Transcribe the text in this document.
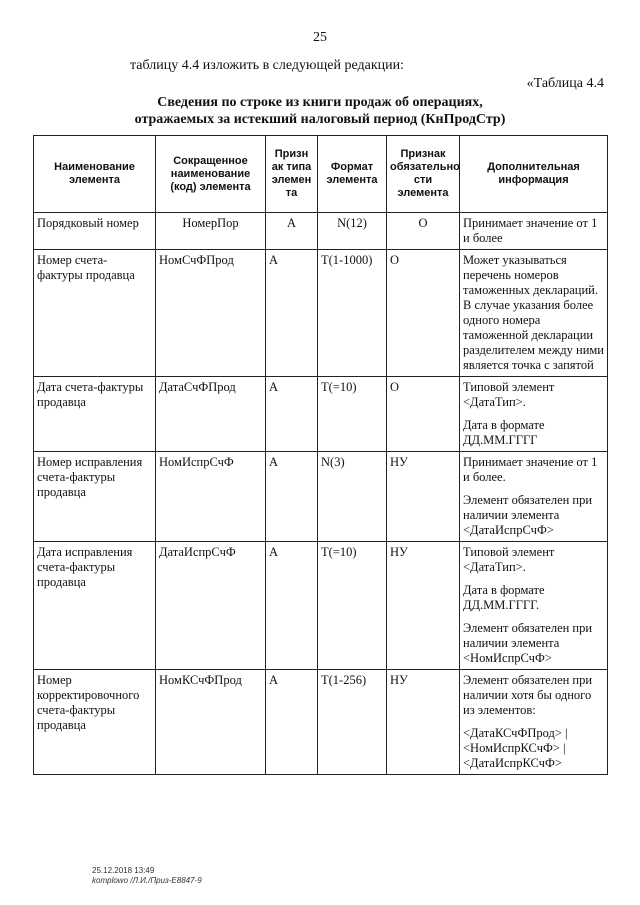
25
таблицу 4.4 изложить в следующей редакции:
«Таблица 4.4
Сведения по строке из книги продаж об операциях,
отражаемых за истекший налоговый период (КнПродСтр)
Наименование элемента	Сокращенное наименование (код) элемента	Призн ак типа элемен та	Формат элемента	Признак обязательно сти элемента	Дополнительная информация
Порядковый номер	НомерПор	А	N(12)	О	Принимает значение от 1 и более

Номер счета-фактуры продавца	НомСчФПрод	А	T(1-1000)	О	Может указываться перечень номеров таможенных деклараций. В случае указания более одного номера таможенной декларации разделителем между ними является точка с запятой

Дата счета-фактуры продавца	ДатаСчФПрод	А	T(=10)	О	Типовой элемент <ДатаТип>.
Дата в формате ДД.ММ.ГГГГ

Номер исправления счета-фактуры продавца	НомИспрСчФ	А	N(3)	НУ	Принимает значение от 1 и более.
Элемент обязателен при наличии элемента <ДатаИспрСчФ>

Дата исправления счета-фактуры продавца	ДатаИспрСчФ	А	T(=10)	НУ	Типовой элемент <ДатаТип>.
Дата в формате ДД.ММ.ГГГГ.
Элемент обязателен при наличии элемента <НомИспрСчФ>

Номер корректировочного счета-фактуры продавца	НомКСчФПрод	А	T(1-256)	НУ	Элемент обязателен при наличии хотя бы одного из элементов:
<ДатаКСчФПрод> | <НомИспрКСчФ> | <ДатаИспрКСчФ>
25.12.2018 13:49
komplowo /Л.И./Приз-Е8847-9
